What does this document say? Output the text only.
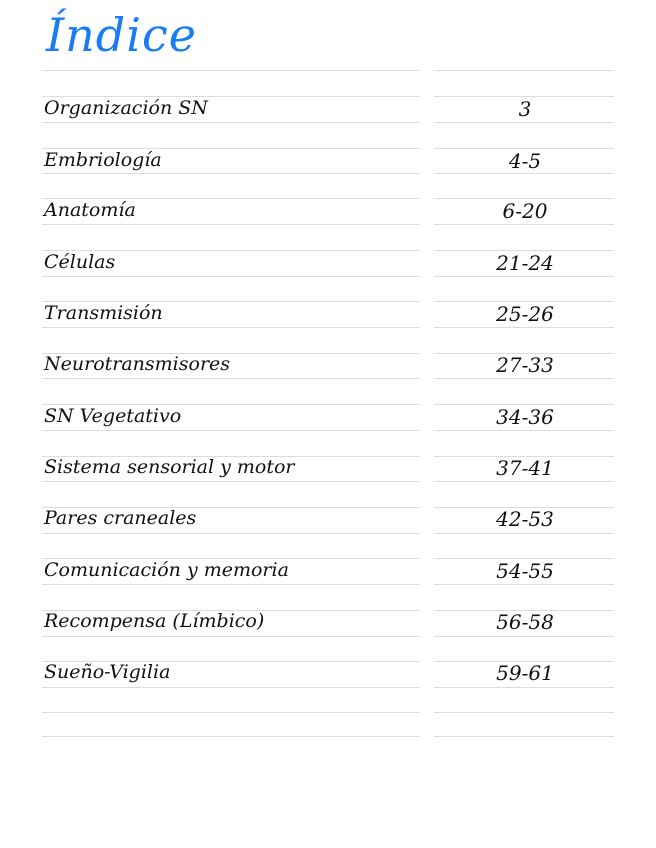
Índice
Organización SN	3
Embriología	4-5
Anatomía	6-20
Células	21-24
Transmisión	25-26
Neurotransmisores	27-33
SN Vegetativo	34-36
Sistema sensorial y motor	37-41
Pares craneales	42-53
Comunicación y memoria	54-55
Recompensa (Límbico)	56-58
Sueño-Vigilia	59-61
